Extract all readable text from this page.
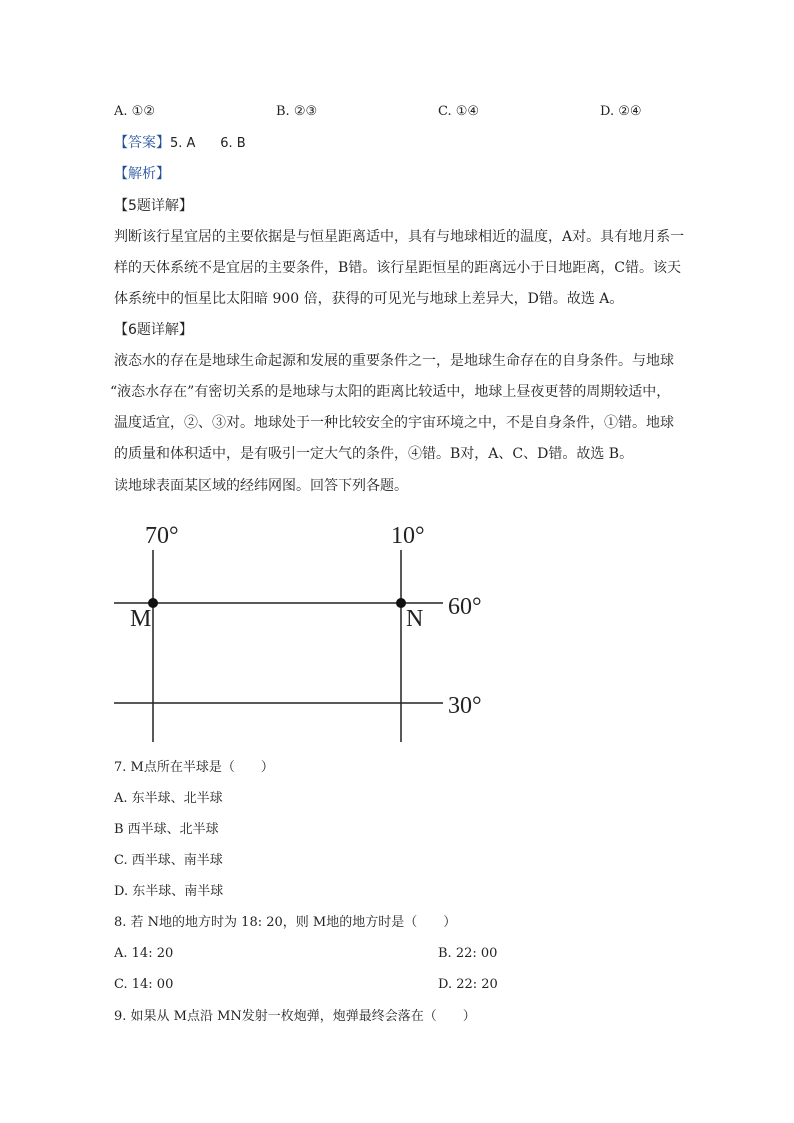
A. ①②	B. ②③	C. ①④	D. ②④
【答案】5. A      6. B
【解析】
【5题详解】
判断该行星宜居的主要依据是与恒星距离适中，具有与地球相近的温度，A对。具有地月系一
样的天体系统不是宜居的主要条件，B错。该行星距恒星的距离远小于日地距离，C错。该天
体系统中的恒星比太阳暗 900 倍，获得的可见光与地球上差异大，D错。故选 A。
【6题详解】
液态水的存在是地球生命起源和发展的重要条件之一，是地球生命存在的自身条件。与地球
“液态水存在”有密切关系的是地球与太阳的距离比较适中，地球上昼夜更替的周期较适中，
温度适宜，②、③对。地球处于一种比较安全的宇宙环境之中，不是自身条件，①错。地球
的质量和体积适中，是有吸引一定大气的条件，④错。B对，A、C、D错。故选 B。
读地球表面某区域的经纬网图。回答下列各题。
70°	10°
60°
30°
M	N
7. M点所在半球是（　　）
A. 东半球、北半球
B 西半球、北半球
C. 西半球、南半球
D. 东半球、南半球
8. 若 N地的地方时为 18: 20，则 M地的地方时是（　　）
A. 14: 20	B. 22: 00
C. 14: 00	D. 22: 20
9. 如果从 M点沿 MN发射一枚炮弹，炮弹最终会落在（　　）
